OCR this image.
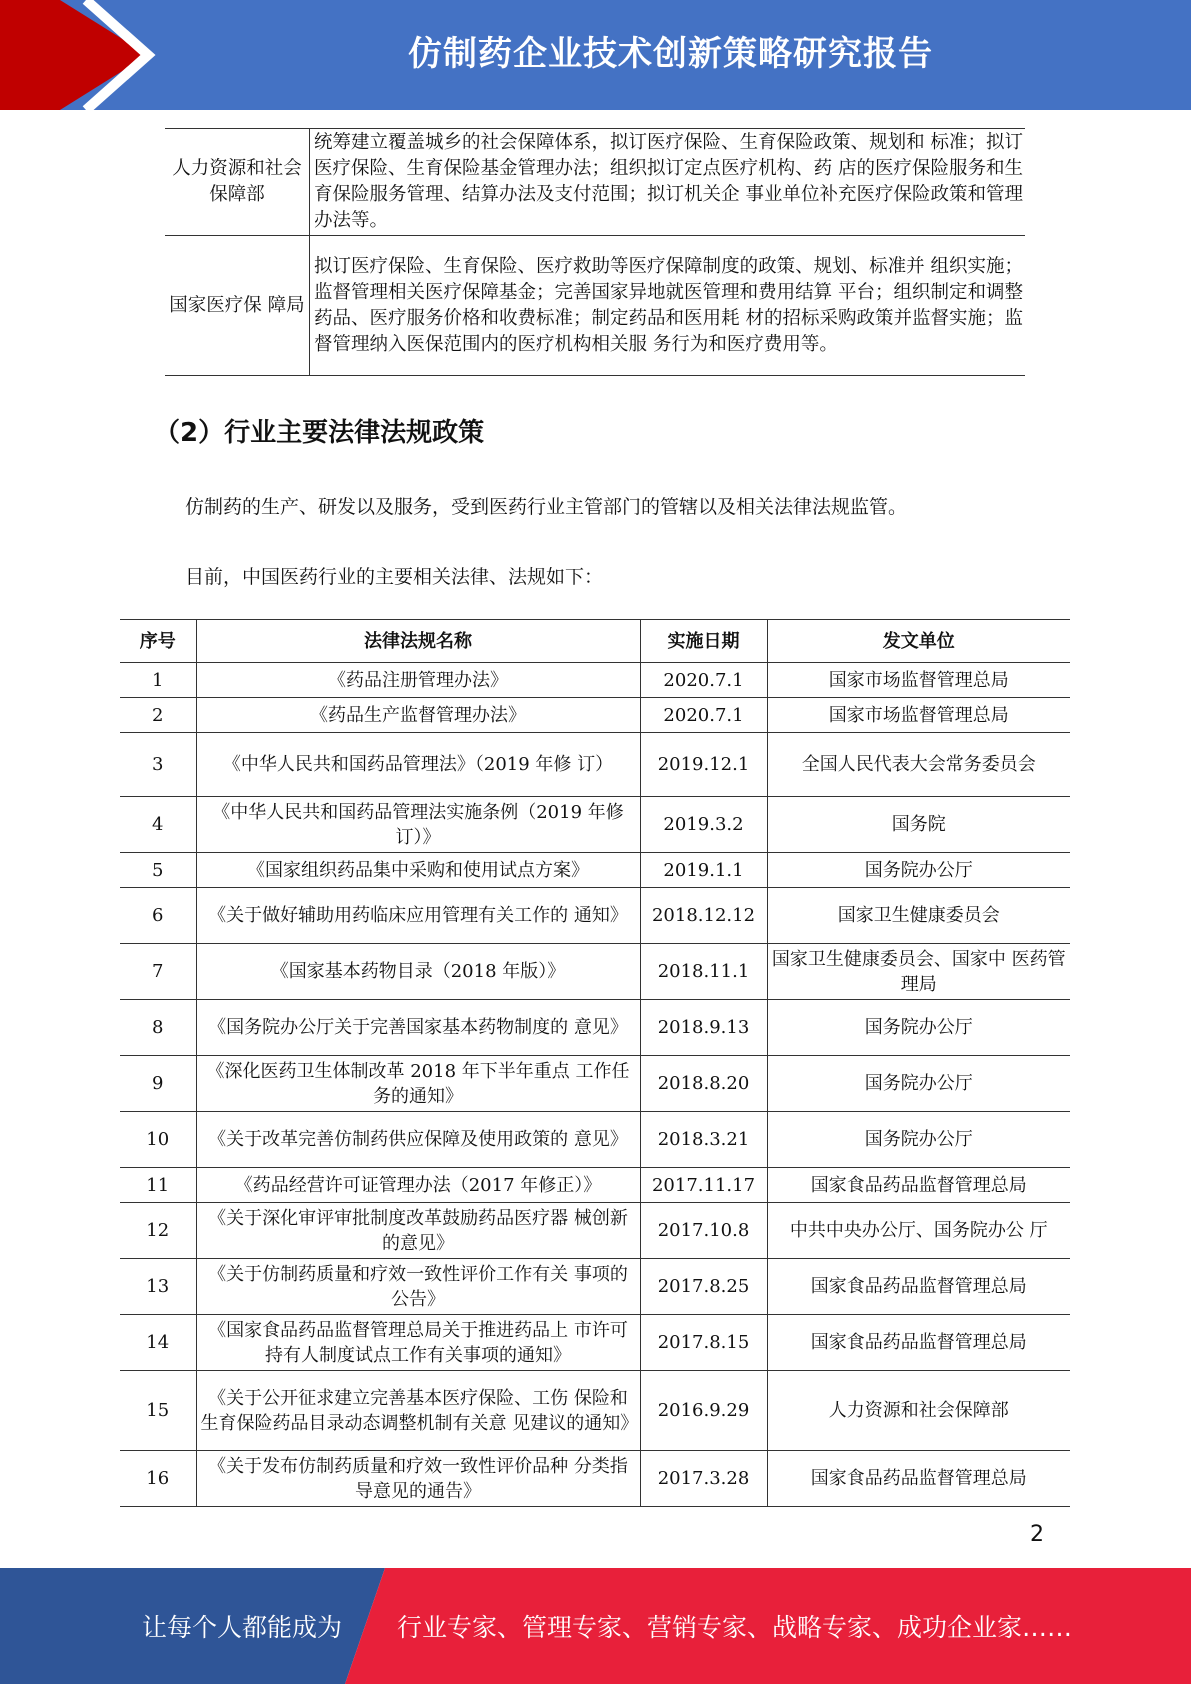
仿制药企业技术创新策略研究报告
人力资源和社会保障部	统筹建立覆盖城乡的社会保障体系，拟订医疗保险、生育保险政策、规划和 标准；拟订医疗保险、生育保险基金管理办法；组织拟订定点医疗机构、药 店的医疗保险服务和生育保险服务管理、结算办法及支付范围；拟订机关企 事业单位补充医疗保险政策和管理办法等。
国家医疗保 障局	拟订医疗保险、生育保险、医疗救助等医疗保障制度的政策、规划、标准并 组织实施；监督管理相关医疗保障基金；完善国家异地就医管理和费用结算 平台；组织制定和调整药品、医疗服务价格和收费标准；制定药品和医用耗 材的招标采购政策并监督实施；监督管理纳入医保范围内的医疗机构相关服 务行为和医疗费用等。
（2）行业主要法律法规政策
仿制药的生产、研发以及服务，受到医药行业主管部门的管辖以及相关法律法规监管。
目前，中国医药行业的主要相关法律、法规如下：
序号	法律法规名称	实施日期	发文单位
1	《药品注册管理办法》	2020.7.1	国家市场监督管理总局
2	《药品生产监督管理办法》	2020.7.1	国家市场监督管理总局
3	《中华人民共和国药品管理法》（2019 年修 订）	2019.12.1	全国人民代表大会常务委员会
4	《中华人民共和国药品管理法实施条例（2019 年修订）》	2019.3.2	国务院
5	《国家组织药品集中采购和使用试点方案》	2019.1.1	国务院办公厅
6	《关于做好辅助用药临床应用管理有关工作的 通知》	2018.12.12	国家卫生健康委员会
7	《国家基本药物目录（2018 年版）》	2018.11.1	国家卫生健康委员会、国家中 医药管理局
8	《国务院办公厅关于完善国家基本药物制度的 意见》	2018.9.13	国务院办公厅
9	《深化医药卫生体制改革 2018 年下半年重点 工作任务的通知》	2018.8.20	国务院办公厅
10	《关于改革完善仿制药供应保障及使用政策的 意见》	2018.3.21	国务院办公厅
11	《药品经营许可证管理办法（2017 年修正）》	2017.11.17	国家食品药品监督管理总局
12	《关于深化审评审批制度改革鼓励药品医疗器 械创新的意见》	2017.10.8	中共中央办公厅、国务院办公 厅
13	《关于仿制药质量和疗效一致性评价工作有关 事项的公告》	2017.8.25	国家食品药品监督管理总局
14	《国家食品药品监督管理总局关于推进药品上 市许可持有人制度试点工作有关事项的通知》	2017.8.15	国家食品药品监督管理总局
15	《关于公开征求建立完善基本医疗保险、工伤 保险和生育保险药品目录动态调整机制有关意 见建议的通知》	2016.9.29	人力资源和社会保障部
16	《关于发布仿制药质量和疗效一致性评价品种 分类指导意见的通告》	2017.3.28	国家食品药品监督管理总局
2
让每个人都能成为 行业专家、管理专家、营销专家、战略专家、成功企业家……
